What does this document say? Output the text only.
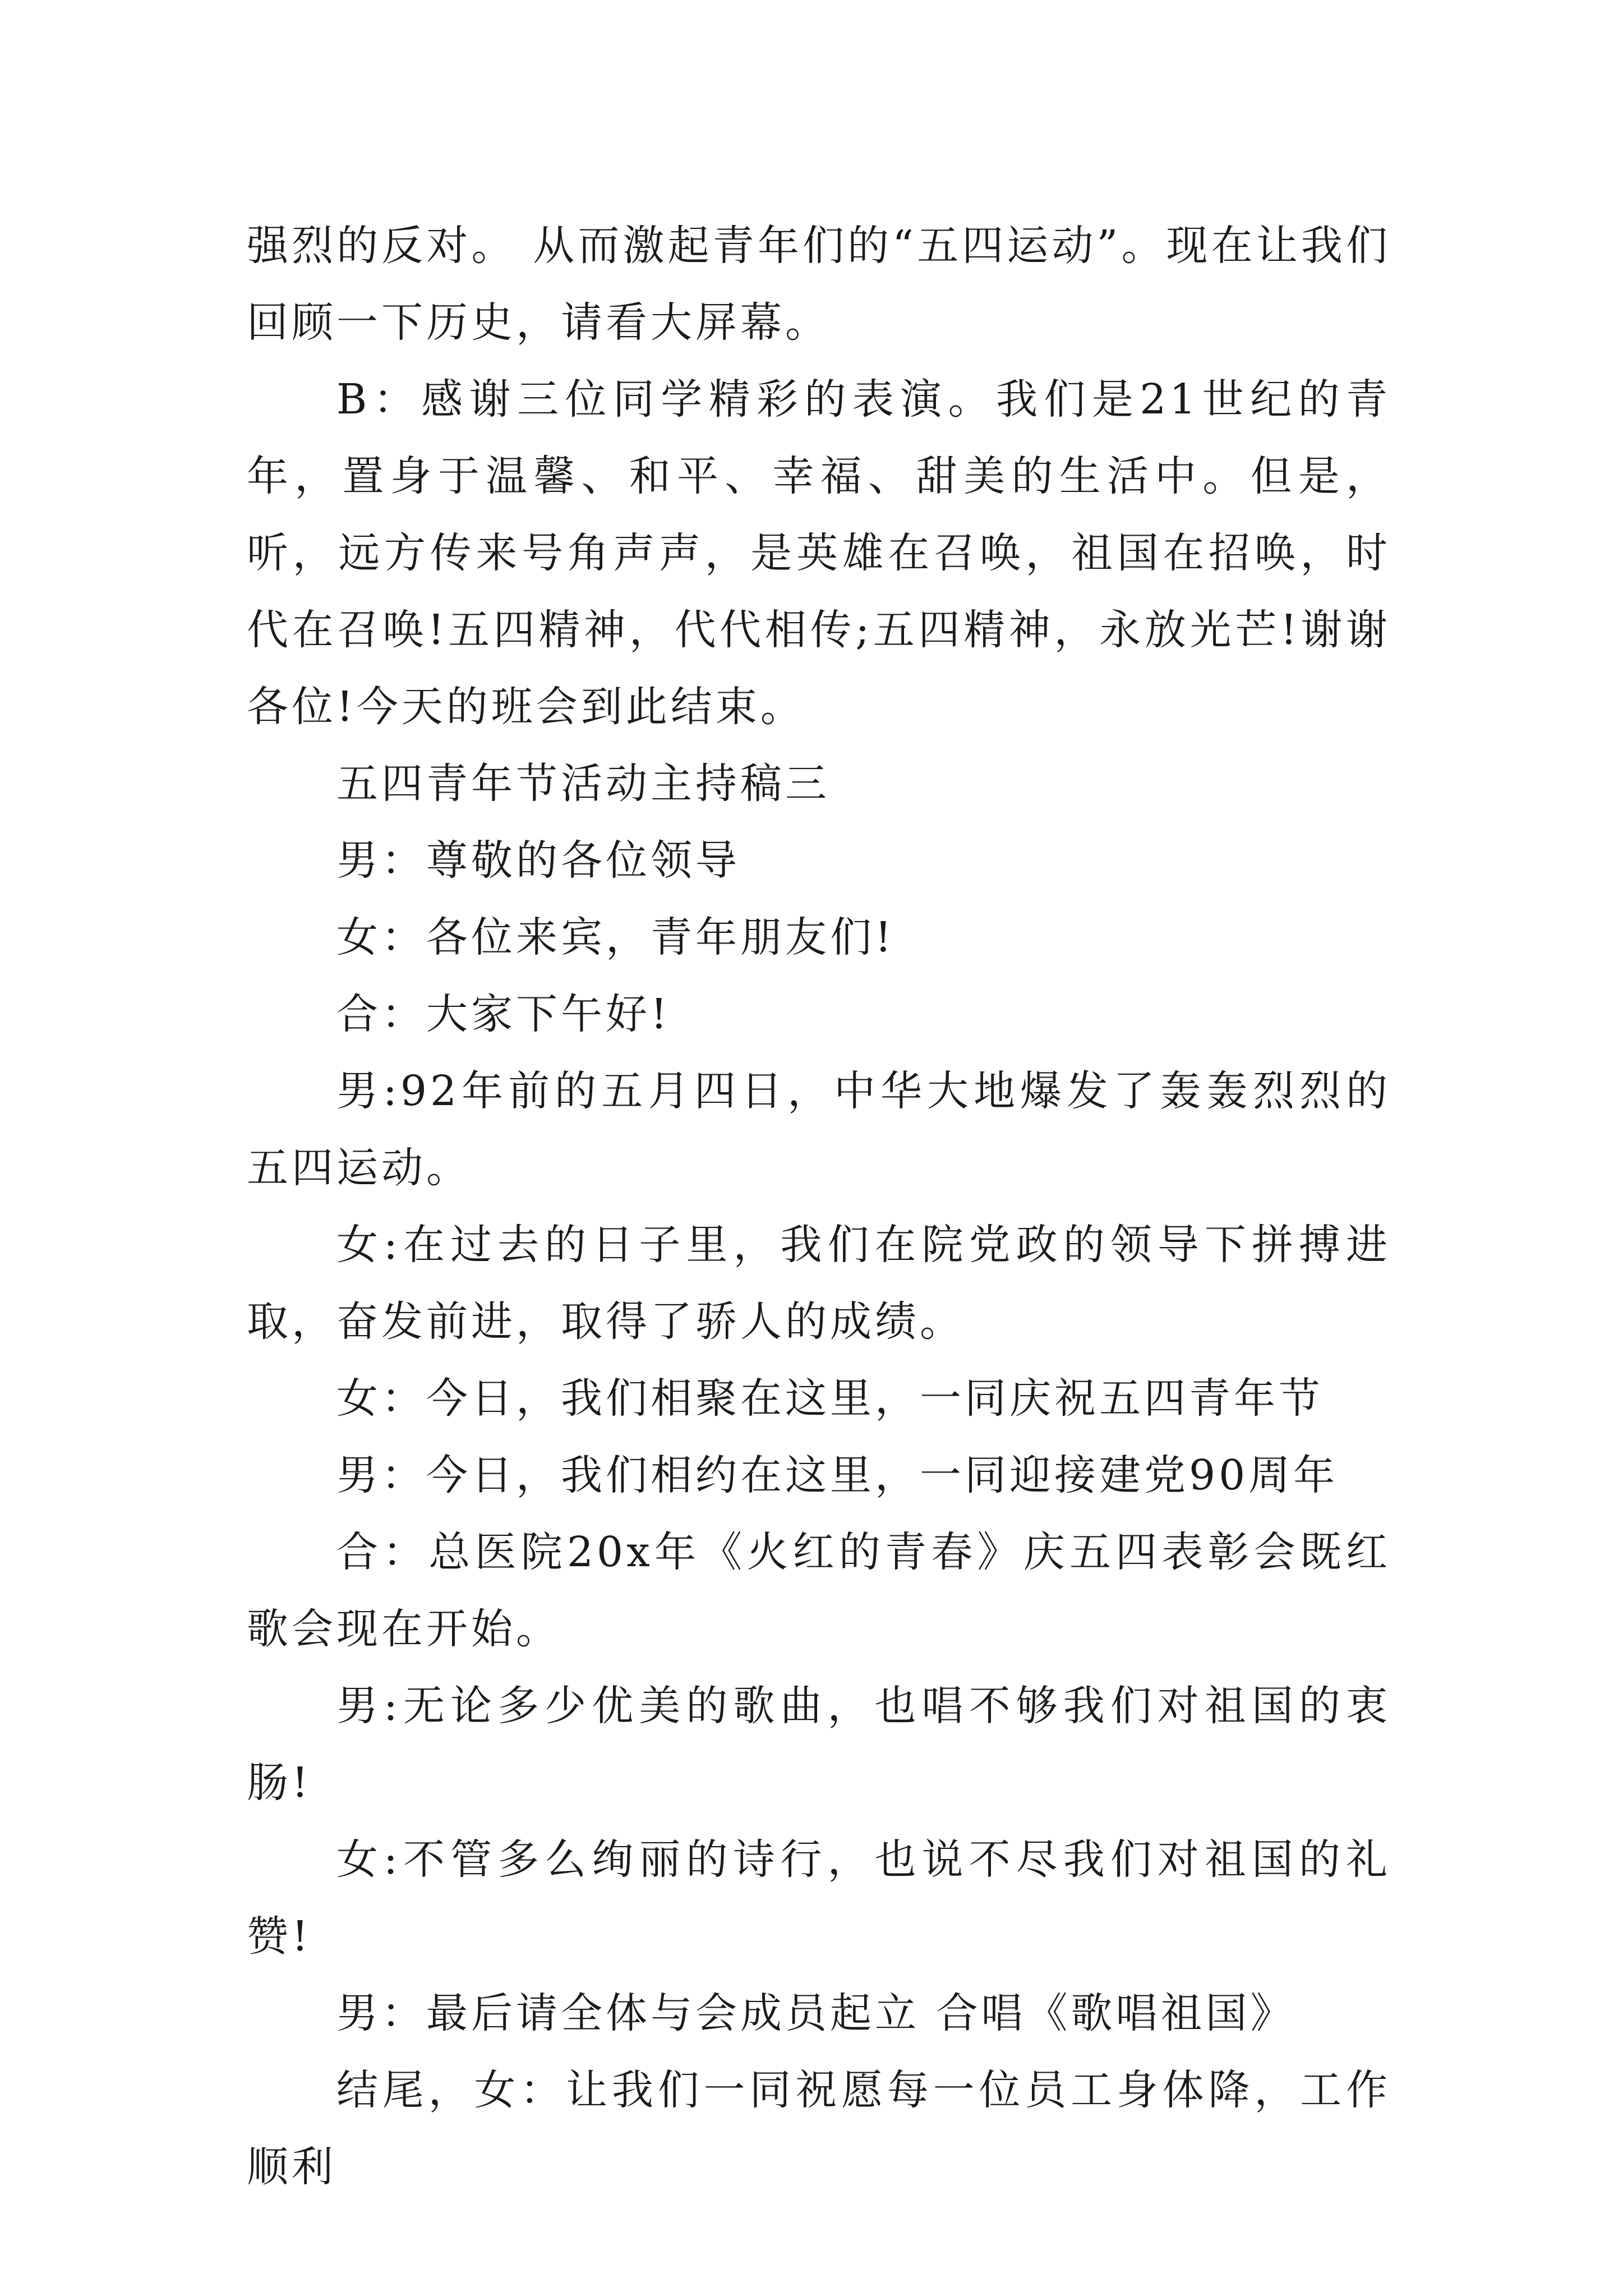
强烈的反对。 从而激起青年们的“五四运动”。现在让我们回顾一下历史，请看大屏幕。

B：感谢三位同学精彩的表演。我们是21世纪的青年，置身于温馨、和平、幸福、甜美的生活中。但是，听，远方传来号角声声，是英雄在召唤，祖国在招唤，时代在召唤!五四精神，代代相传;五四精神，永放光芒!谢谢各位!今天的班会到此结束。

五四青年节活动主持稿三

男：尊敬的各位领导

女：各位来宾，青年朋友们!

合：大家下午好!

男:92年前的五月四日，中华大地爆发了轰轰烈烈的五四运动。

女:在过去的日子里，我们在院党政的领导下拼搏进取，奋发前进，取得了骄人的成绩。

女：今日，我们相聚在这里，一同庆祝五四青年节

男：今日，我们相约在这里，一同迎接建党90周年

合：总医院20x年《火红的青春》庆五四表彰会既红歌会现在开始。

男:无论多少优美的歌曲，也唱不够我们对祖国的衷肠!

女:不管多么绚丽的诗行，也说不尽我们对祖国的礼赞!

男：最后请全体与会成员起立 合唱《歌唱祖国》

结尾，女：让我们一同祝愿每一位员工身体降，工作顺利
